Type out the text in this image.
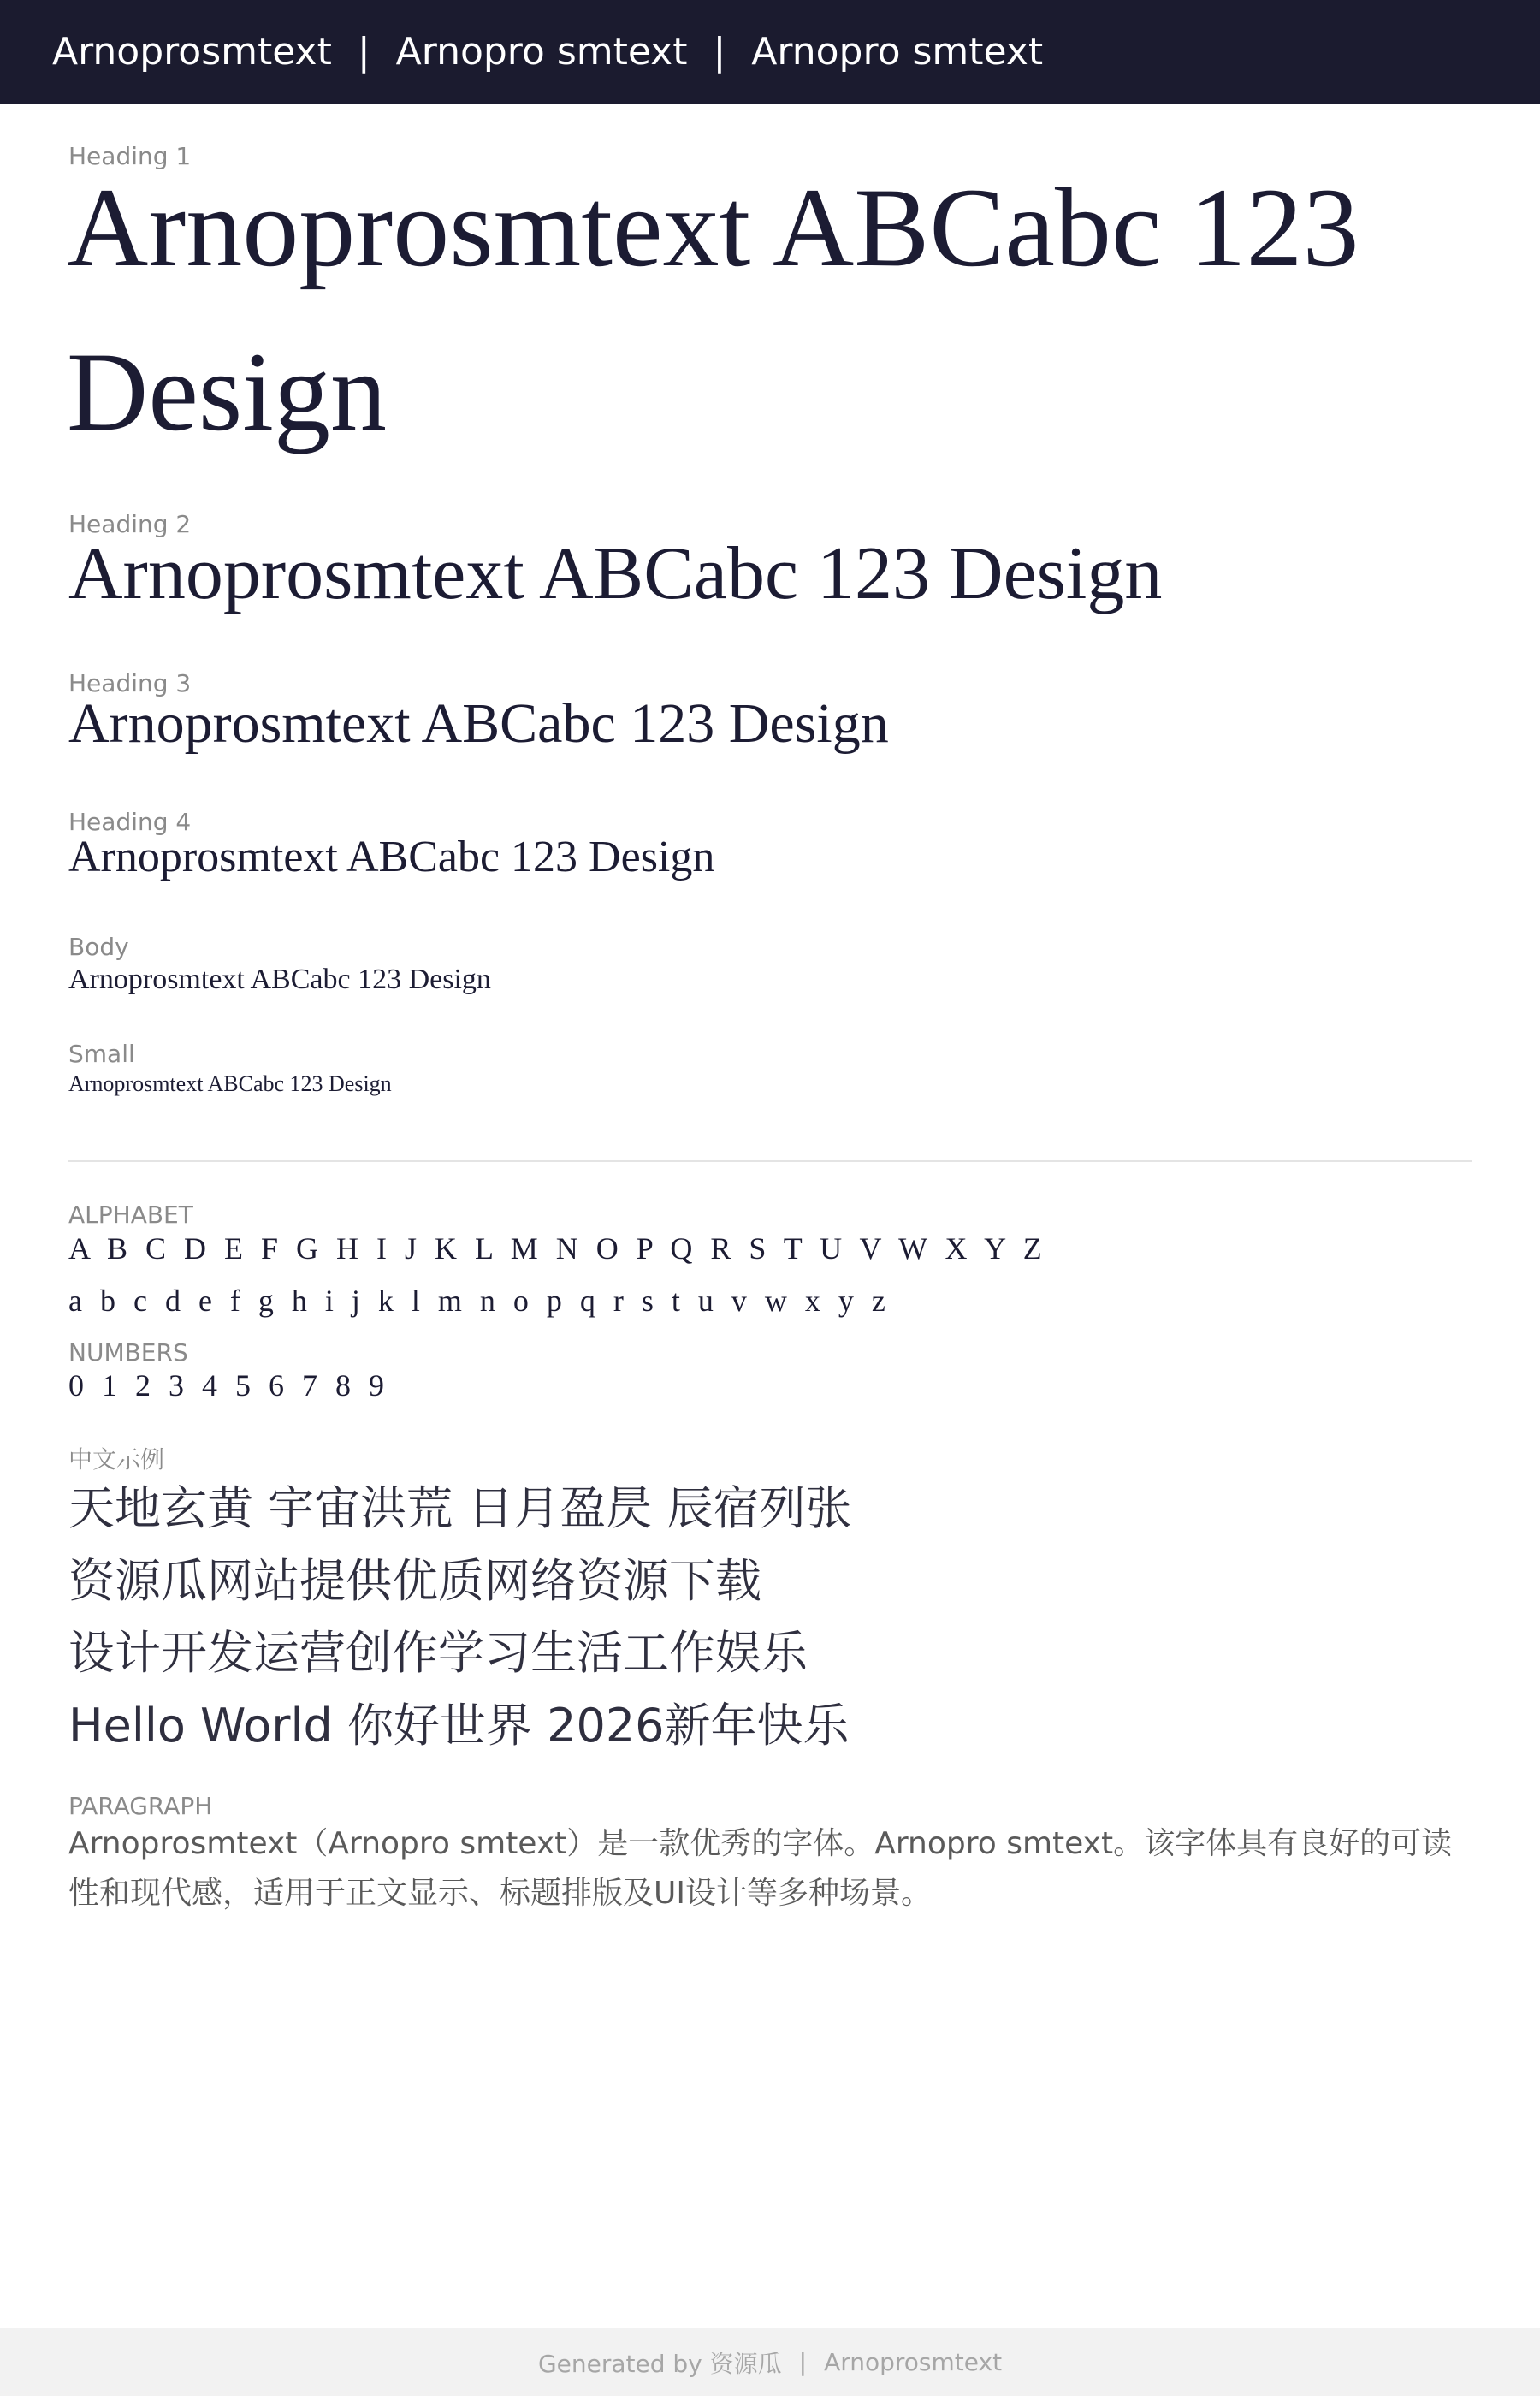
Arnoprosmtext | Arnopro smtext | Arnopro smtext
Heading 1
Arnoprosmtext ABCabc 123 Design
Heading 2
Arnoprosmtext ABCabc 123 Design
Heading 3
Arnoprosmtext ABCabc 123 Design
Heading 4
Arnoprosmtext ABCabc 123 Design
Body
Arnoprosmtext ABCabc 123 Design
Small
Arnoprosmtext ABCabc 123 Design
ALPHABET
A B C D E F G H I J K L M N O P Q R S T U V W X Y Z
a b c d e f g h i j k l m n o p q r s t u v w x y z
NUMBERS
0 1 2 3 4 5 6 7 8 9
中文示例
天地玄黄 宇宙洪荒 日月盈昃 辰宿列张
资源瓜网站提供优质网络资源下载
设计开发运营创作学习生活工作娱乐
Hello World 你好世界 2026新年快乐
PARAGRAPH
Arnoprosmtext（Arnopro smtext）是一款优秀的字体。Arnopro smtext。该字体具有良好的可读性和现代感，适用于正文显示、标题排版及UI设计等多种场景。
Generated by 资源瓜 | Arnoprosmtext
